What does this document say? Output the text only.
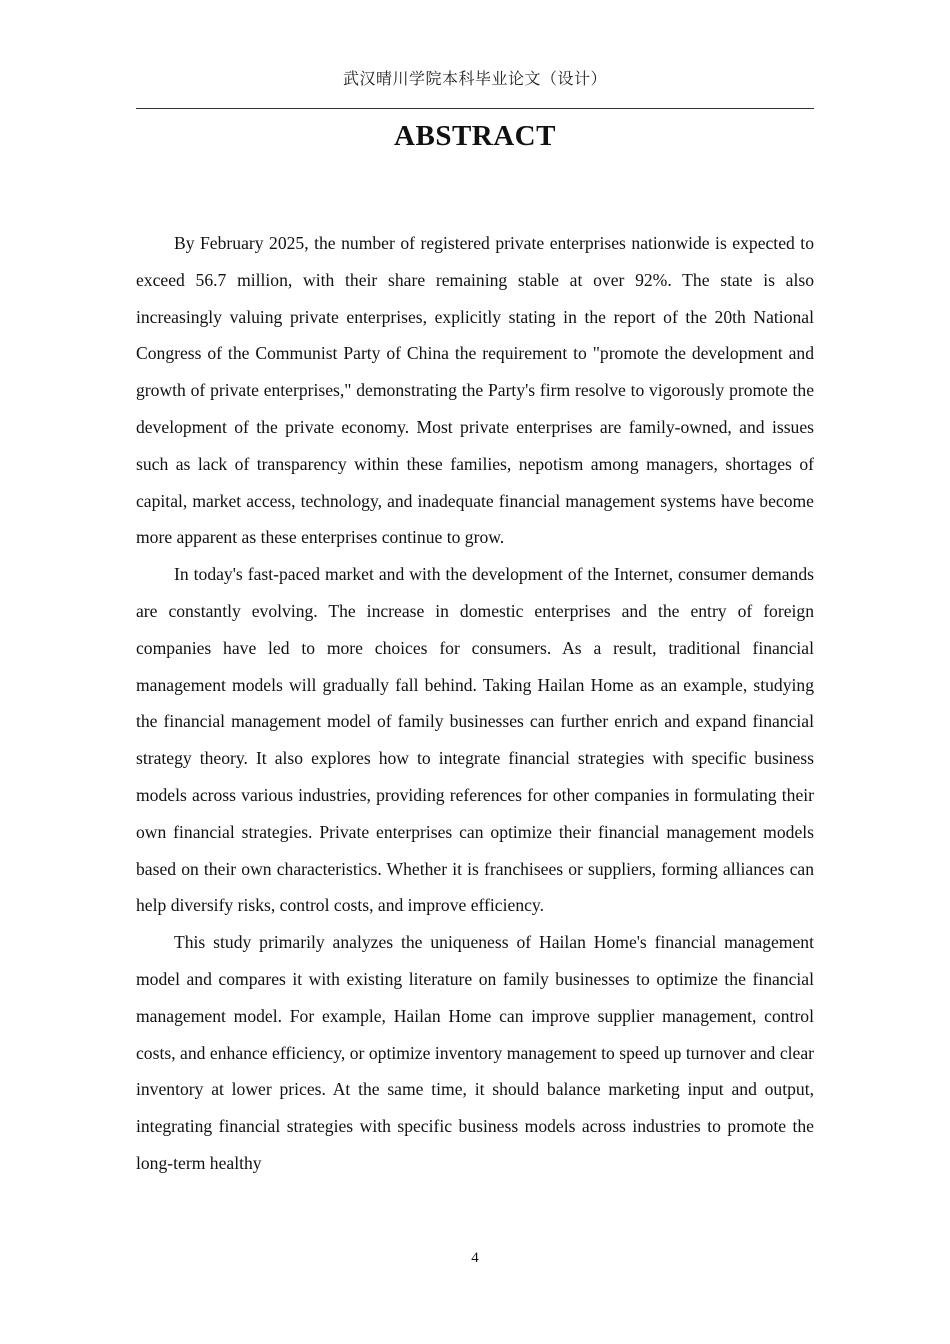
武汉晴川学院本科毕业论文（设计）
ABSTRACT

By February 2025, the number of registered private enterprises nationwide is expected to exceed 56.7 million, with their share remaining stable at over 92%. The state is also increasingly valuing private enterprises, explicitly stating in the report of the 20th National Congress of the Communist Party of China the requirement to "promote the development and growth of private enterprises," demonstrating the Party's firm resolve to vigorously promote the development of the private economy. Most private enterprises are family-owned, and issues such as lack of transparency within these families, nepotism among managers, shortages of capital, market access, technology, and inadequate financial management systems have become more apparent as these enterprises continue to grow.

In today's fast-paced market and with the development of the Internet, consumer demands are constantly evolving. The increase in domestic enterprises and the entry of foreign companies have led to more choices for consumers. As a result, traditional financial management models will gradually fall behind. Taking Hailan Home as an example, studying the financial management model of family businesses can further enrich and expand financial strategy theory. It also explores how to integrate financial strategies with specific business models across various industries, providing references for other companies in formulating their own financial strategies. Private enterprises can optimize their financial management models based on their own characteristics. Whether it is franchisees or suppliers, forming alliances can help diversify risks, control costs, and improve efficiency.

This study primarily analyzes the uniqueness of Hailan Home's financial management model and compares it with existing literature on family businesses to optimize the financial management model. For example, Hailan Home can improve supplier management, control costs, and enhance efficiency, or optimize inventory management to speed up turnover and clear inventory at lower prices. At the same time, it should balance marketing input and output, integrating financial strategies with specific business models across industries to promote the long-term healthy

4
